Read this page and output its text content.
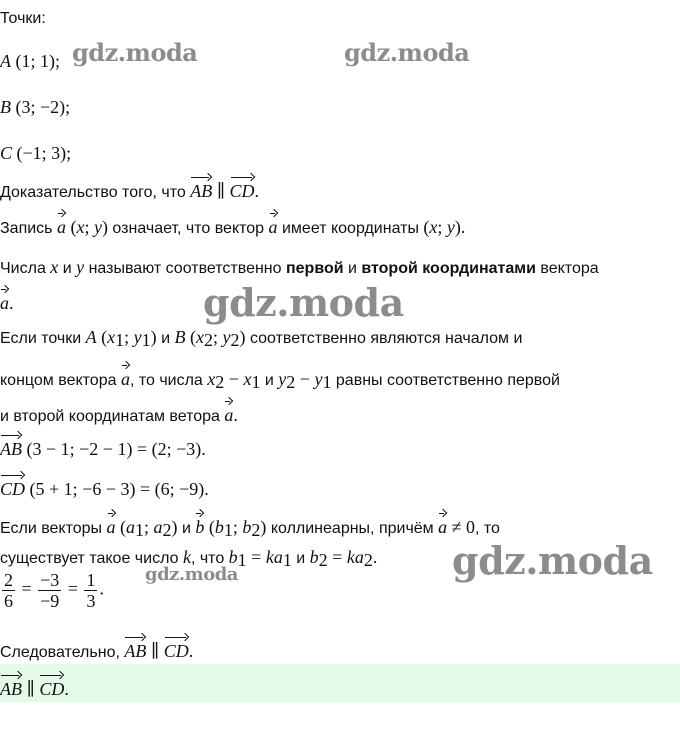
gdz.moda	gdz.moda
gdz.moda
gdz.moda
gdz.moda
Точки:
A (1; 1);
B (3; −2);
C (−1; 3);
Доказательство того, что AB ∥ CD.
Запись a (x; y) означает, что вектор a имеет координаты (x; y).
Числа x и y называют соответственно первой и второй координатами вектора
a.
Если точки A ($x_1$; $y_1$) и B ($x_2$; $y_2$) соответственно являются началом и
концом вектора a, то числа $x_2 - x_1$ и $y_2 - y_1$ равны соответственно первой
и второй координатам ветора a.
AB (3 − 1; −2 − 1) = (2; −3).
CD (5 + 1; −6 − 3) = (6; −9).
Если векторы a ($a_1$; $a_2$) и b ($b_1$; $b_2$) коллинеарны, причём a ≠ 0, то
существует такое число k, что $b_1 = ka_1$ и $b_2 = ka_2$.
$\frac{2}{6} = \frac{-3}{-9} = \frac{1}{3}$ .
Следовательно, AB ∥ CD.
AB ∥ CD.
